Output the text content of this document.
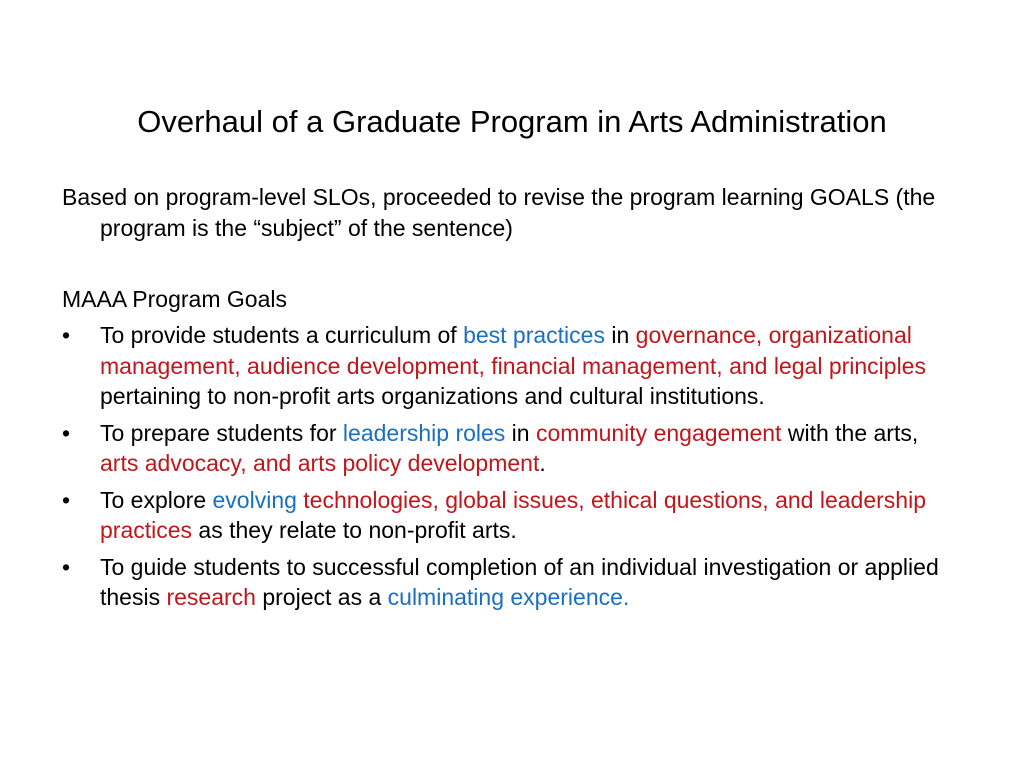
Overhaul of a Graduate Program in Arts Administration
Based on program-level SLOs, proceeded to revise the program learning GOALS (the program is the “subject” of the sentence)
MAAA Program Goals
• To provide students a curriculum of best practices in governance, organizational management, audience development, financial management, and legal principles pertaining to non-profit arts organizations and cultural institutions.
• To prepare students for leadership roles in community engagement with the arts, arts advocacy, and arts policy development.
• To explore evolving technologies, global issues, ethical questions, and leadership practices as they relate to non-profit arts.
• To guide students to successful completion of an individual investigation or applied thesis research project as a culminating experience.
